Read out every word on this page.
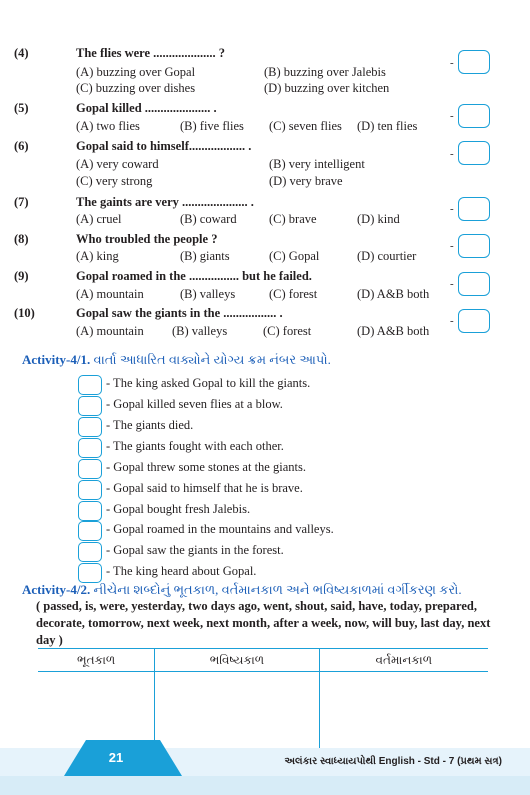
(4)	The flies were .................... ?
(A) buzzing over Gopal	(B) buzzing over Jalebis
(C) buzzing over dishes	(D) buzzing over kitchen
-
(5)	Gopal killed ..................... .
(A) two flies	(B) five flies (C) seven flies (D) ten flies
-
(6)	Gopal said to himself.................. .
(A) very coward	(B) very intelligent
(C) very strong	(D) very brave
-
(7)	The gaints are very ..................... .
(A) cruel	(B) coward	(C) brave	(D) kind
-
(8)	Who troubled the people ?
(A) king	(B) giants	(C) Gopal	(D) courtier
-
(9)	Gopal roamed in the ................ but he failed.
(A) mountain	(B) valleys	(C) forest	(D) A&B both
-
(10)	Gopal saw the giants in the ................. .
(A) mountain (B) valleys	(C) forest	(D) A&B both
-
Activity-4/1. વાર્તા આધારિત વાક્યોને યોગ્ય ક્રમ નંબર આપો.
- The king asked Gopal to kill the giants.
- Gopal killed seven flies at a blow.
- The giants died.
- The giants fought with each other.
- Gopal threw some stones at the giants.
- Gopal said to himself that he is brave.
- Gopal bought fresh Jalebis.
- Gopal roamed in the mountains and valleys.
- Gopal saw the giants in the forest.
- The king heard about Gopal.
Activity-4/2. નીચેના શબ્દોનું ભૂતકાળ, વર્તમાનકાળ અને ભવિષ્યકાળમાં વર્ગીકરણ કરો.
( passed, is, were, yesterday, two days ago, went, shout, said, have, today, prepared, decorate, tomorrow, next week, next month, after a week, now, will buy, last day, next day )
ભૂતકાળ	ભવિષ્યકાળ	વર્તમાનકાળ

21	અલંકાર સ્વાધ્યાયપોથી English - Std - 7 (પ્રથમ સત્ર)
